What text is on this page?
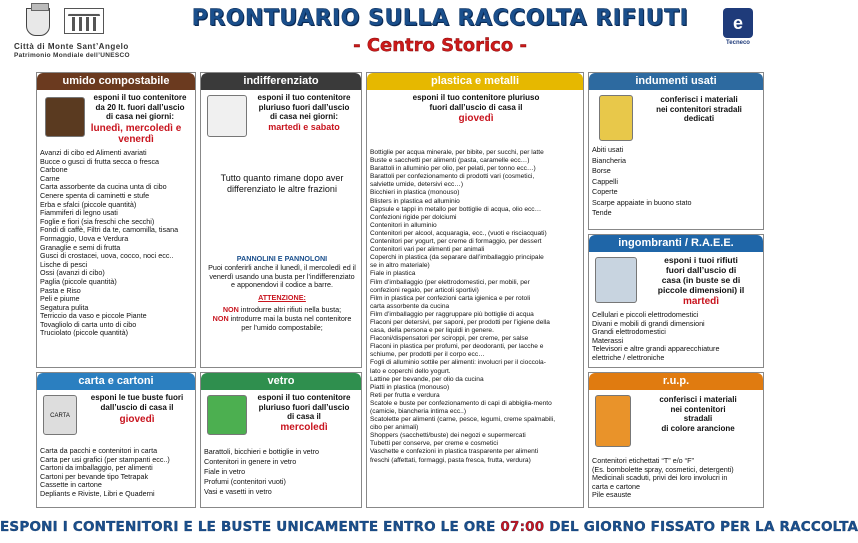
Città di Monte Sant’Angelo
Patrimonio Mondiale dell’UNESCO
PRONTUARIO SULLA RACCOLTA RIFIUTI
- Centro Storico -
e
Tecneco
umido compostabile
esponi il tuo contenitore
da 20 lt. fuori dall’uscio
di casa nei giorni:
lunedì, mercoledì e venerdì
Avanzi di cibo ed Alimenti avariati
Bucce o gusci di frutta secca o fresca
Carbone
Carne
Carta assorbente da cucina unta di cibo
Cenere spenta di caminetti e stufe
Erba e sfalci (piccole quantità)
Fiammiferi di legno usati
Foglie e fiori (sia freschi che secchi)
Fondi di caffè, Filtri da te, camomilla, tisana
Formaggio, Uova e Verdura
Granaglie e semi di frutta
Gusci di crostacei, uova, cocco, noci ecc..
Lische di pesci
Ossi (avanzi di cibo)
Paglia (piccole quantità)
Pasta e Riso
Peli e piume
Segatura pulita
Terriccio da vaso e piccole Piante
Tovagliolo di carta unto di cibo
Truciolato (piccole quantità)
carta e cartoni
CARTA
esponi le tue buste fuori
dall’uscio di casa il
giovedì
Carta da pacchi e contenitori in carta
Carta per usi grafici (per stampanti ecc..)
Cartoni da imballaggio, per alimenti
Cartoni per bevande tipo Tetrapak
Cassette in cartone
Depliants e Riviste, Libri e Quaderni
indifferenziato
esponi il tuo contenitore
pluriuso fuori dall’uscio
di casa nei giorni:
martedì e sabato
Tutto quanto rimane dopo aver differenziato le altre frazioni
PANNOLINI E PANNOLONI
Puoi conferirli anche il lunedì, il mercoledì ed il venerdì usando una busta per l’indifferenziato e apponendovi il codice a barre.
ATTENZIONE:
NON introdurre altri rifiuti nella busta;
NON introdurre mai la busta nel contenitore per l’umido compostabile;
vetro
esponi il tuo contenitore
pluriuso fuori dall’uscio
di casa il
mercoledì
Barattoli, bicchieri e bottiglie in vetro
Contenitori in genere in vetro
Fiale in vetro
Profumi (contenitori vuoti)
Vasi e vasetti in vetro
plastica e metalli
esponi il tuo contenitore pluriuso
fuori dall’uscio di casa il
giovedì
Bottiglie per acqua minerale, per bibite, per succhi, per latte
Buste e sacchetti per alimenti (pasta, caramelle ecc…)
Barattoli in alluminio per olio, per pelati, per tonno ecc…)
Barattoli per confezionamento di prodotti vari (cosmetici,
salviette umide, detersivi ecc…)
Bicchieri in plastica (monouso)
Blisters in plastica ed alluminio
Capsule e tappi in metallo per bottiglie di acqua, olio ecc…
Confezioni rigide per dolciumi
Contenitori in alluminio
Contenitori per alcool, acquaragia, ecc., (vuoti e risciacquati)
Contenitori per yogurt, per creme di formaggio, per dessert
Contenitori vari per alimenti per animali
Coperchi in plastica (da separare dall’imballaggio principale
se in altro materiale)
Fiale in plastica
Film d’imballaggio (per elettrodomestici, per mobili, per
confezioni regalo, per articoli sportivi)
Film in plastica per confezioni carta igienica e per rotoli
carta assorbente da cucina
Film d’imballaggio per raggruppare più bottiglie di acqua
Flaconi per detersivi, per saponi, per prodotti per l’igiene della
casa, della persona e per liquidi in genere.
Flaconi/dispensatori per sciroppi, per creme, per salse
Flaconi in plastica per profumi, per deodoranti, per lacche e
schiume, per prodotti per il corpo ecc…
Fogli di alluminio sottile per alimenti: involucri per il cioccola-
lato e coperchi dello yogurt.
Lattine per bevande, per olio da cucina
Piatti in plastica (monouso)
Reti per frutta e verdura
Scatole e buste per confezionamento di capi di abbiglia-mento
(camicie, biancheria intima ecc..)
Scatolette per alimenti (carne, pesce, legumi, creme spalmabili,
cibo per animali)
Shoppers (sacchetti/buste) dei negozi e supermercati
Tubetti per conserve, per creme e cosmetici
Vaschette e confezioni in plastica trasparente per alimenti
freschi (affettati, formaggi, pasta fresca, frutta, verdura)
indumenti usati
conferisci i materiali
nei contenitori stradali
dedicati
Abiti usati
Biancheria
Borse
Cappelli
Coperte
Scarpe appaiate in buono stato
Tende
ingombranti / R.A.E.E.
esponi i tuoi rifiuti
fuori dall’uscio di
casa (in buste se di
piccole dimensioni) il
martedì
Cellulari e piccoli elettrodomestici
Divani e mobili di grandi dimensioni
Grandi elettrodomestici
Materassi
Televisori e altre grandi apparecchiature
elettriche / elettroniche
r.u.p.
conferisci i materiali
nei contenitori
stradali
di colore arancione
Contenitori etichettati “T” e/o “F”
(Es. bombolette spray, cosmetici, detergenti)
Medicinali scaduti, privi dei loro involucri in
carta e cartone
Pile esauste
ESPONI I CONTENITORI E LE BUSTE UNICAMENTE ENTRO LE ORE 07:00 DEL GIORNO FISSATO PER LA RACCOLTA
